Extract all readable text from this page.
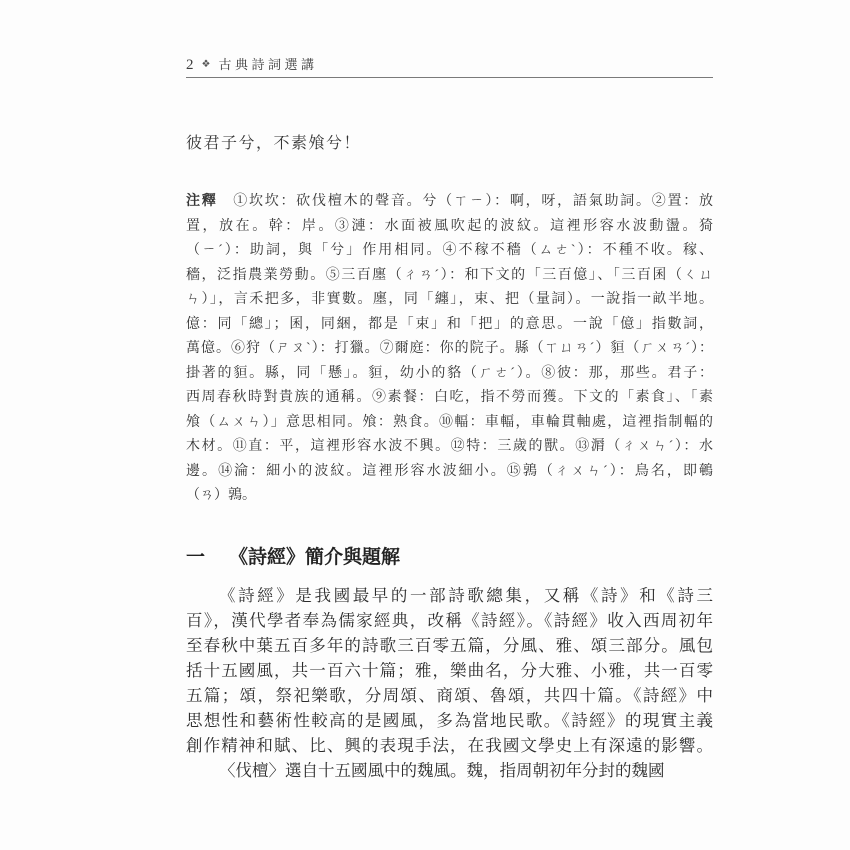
2 ❖ 古典詩詞選講
彼君子兮，不素飧兮！
注釋　①坎坎：砍伐檀木的聲音。兮（ㄒㄧ）：啊，呀，語氣助詞。②置：放
置，放在。幹：岸。③漣：水面被風吹起的波紋。這裡形容水波動盪。猗
（ㄧˊ）：助詞，與「兮」作用相同。④不稼不穡（ㄙㄜˋ）：不種不收。稼、
穡，泛指農業勞動。⑤三百廛（ㄔㄢˊ）：和下文的「三百億」、「三百囷（ㄑㄩ
ㄣ）」，言禾把多，非實數。廛，同「纏」，束、把（量詞）。一說指一畝半地。
億：同「總」；囷，同綑，都是「束」和「把」的意思。一說「億」指數詞，
萬億。⑥狩（ㄕㄡˋ）：打獵。⑦爾庭：你的院子。縣（ㄒㄩㄢˊ）貆（ㄏㄨㄢˊ）：
掛著的貆。縣，同「懸」。貆，幼小的貉（ㄏㄜˊ）。⑧彼：那，那些。君子：
西周春秋時對貴族的通稱。⑨素餐：白吃，指不勞而獲。下文的「素食」、「素
飧（ㄙㄨㄣ）」意思相同。飧：熟食。⑩輻：車輻，車輪貫軸處，這裡指制輻的
木材。⑪直：平，這裡形容水波不興。⑫特：三歲的獸。⑬漘（ㄔㄨㄣˊ）：水
邊。⑭淪：細小的波紋。這裡形容水波細小。⑮鶉（ㄔㄨㄣˊ）：鳥名，即鵪
（ㄢ）鶉。
一 《詩經》簡介與題解
《詩經》是我國最早的一部詩歌總集，又稱《詩》和《詩三
百》，漢代學者奉為儒家經典，改稱《詩經》。《詩經》收入西周初年
至春秋中葉五百多年的詩歌三百零五篇，分風、雅、頌三部分。風包
括十五國風，共一百六十篇；雅，樂曲名，分大雅、小雅，共一百零
五篇；頌，祭祀樂歌，分周頌、商頌、魯頌，共四十篇。《詩經》中
思想性和藝術性較高的是國風，多為當地民歌。《詩經》的現實主義
創作精神和賦、比、興的表現手法，在我國文學史上有深遠的影響。
〈伐檀〉選自十五國風中的魏風。魏，指周朝初年分封的魏國
